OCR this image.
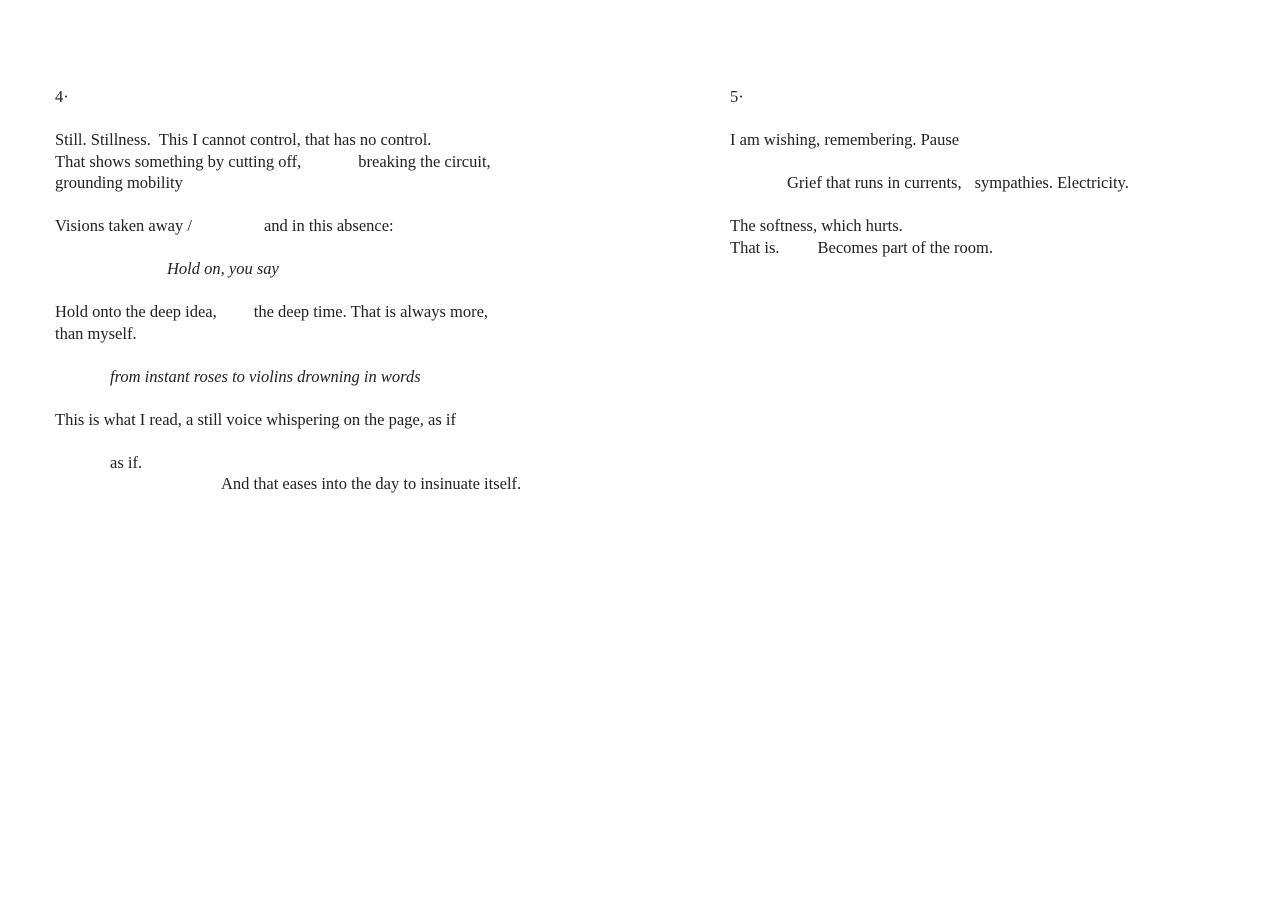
4·
Still. Stillness.  This I cannot control, that has no control.
That shows something by cutting off,	breaking the circuit,
grounding mobility
Visions taken away /	and in this absence:
Hold on, you say
Hold onto the deep idea, the deep time. That is always more,
than myself.
from instant roses to violins drowning in words
This is what I read, a still voice whispering on the page, as if
as if.
And that eases into the day to insinuate itself.
5·
I am wishing, remembering. Pause
Grief that runs in currents, sympathies. Electricity.
The softness, which hurts.
That is. Becomes part of the room.
